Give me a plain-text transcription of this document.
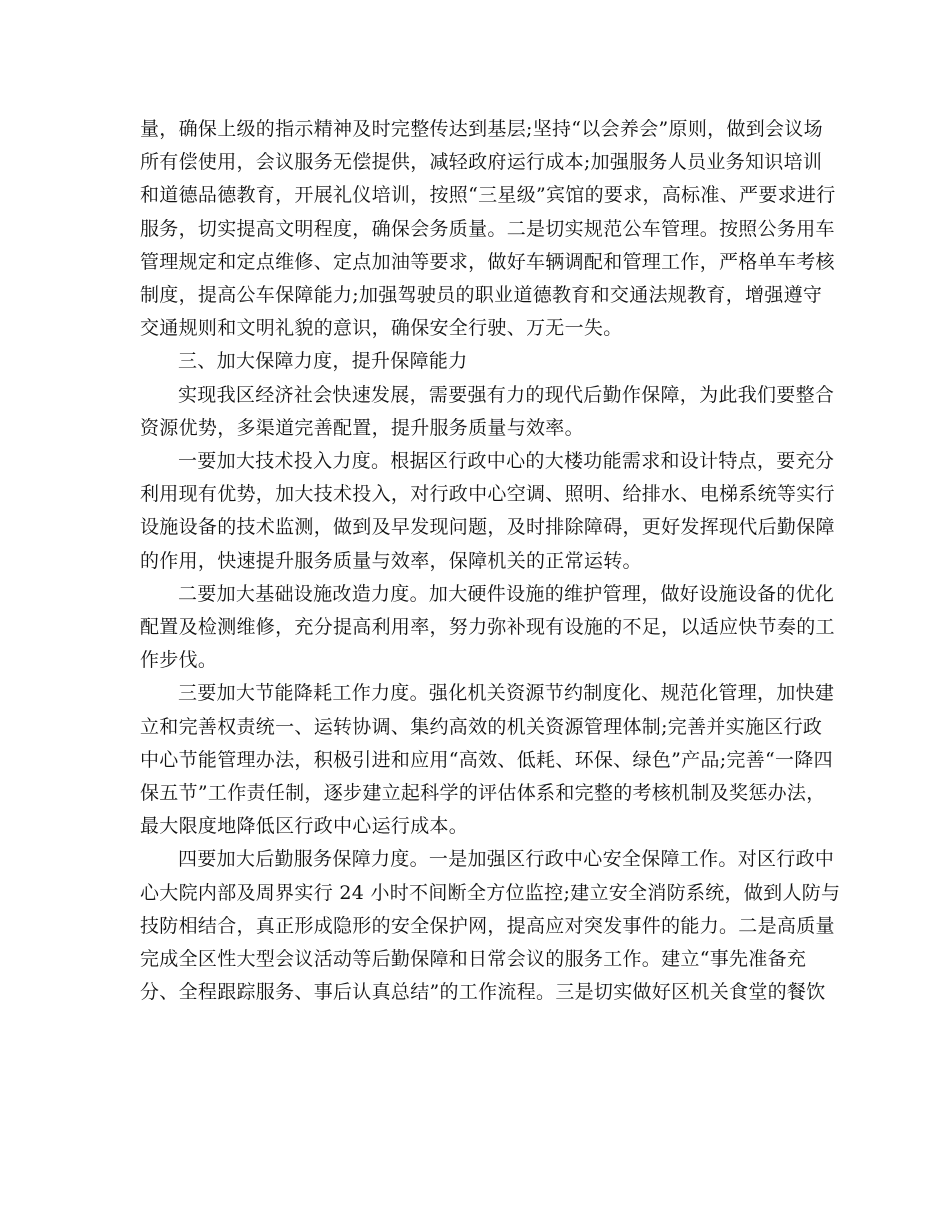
量，确保上级的指示精神及时完整传达到基层;坚持“以会养会”原则，做到会议场
所有偿使用，会议服务无偿提供，减轻政府运行成本;加强服务人员业务知识培训
和道德品德教育，开展礼仪培训，按照“三星级”宾馆的要求，高标准、严要求进行
服务，切实提高文明程度，确保会务质量。二是切实规范公车管理。按照公务用车
管理规定和定点维修、定点加油等要求，做好车辆调配和管理工作，严格单车考核
制度，提高公车保障能力;加强驾驶员的职业道德教育和交通法规教育，增强遵守
交通规则和文明礼貌的意识，确保安全行驶、万无一失。

三、加大保障力度，提升保障能力

实现我区经济社会快速发展，需要强有力的现代后勤作保障，为此我们要整合
资源优势，多渠道完善配置，提升服务质量与效率。

一要加大技术投入力度。根据区行政中心的大楼功能需求和设计特点，要充分
利用现有优势，加大技术投入，对行政中心空调、照明、给排水、电梯系统等实行
设施设备的技术监测，做到及早发现问题，及时排除障碍，更好发挥现代后勤保障
的作用，快速提升服务质量与效率，保障机关的正常运转。

二要加大基础设施改造力度。加大硬件设施的维护管理，做好设施设备的优化
配置及检测维修，充分提高利用率，努力弥补现有设施的不足，以适应快节奏的工
作步伐。

三要加大节能降耗工作力度。强化机关资源节约制度化、规范化管理，加快建
立和完善权责统一、运转协调、集约高效的机关资源管理体制;完善并实施区行政
中心节能管理办法，积极引进和应用“高效、低耗、环保、绿色”产品;完善“一降四
保五节”工作责任制，逐步建立起科学的评估体系和完整的考核机制及奖惩办法，
最大限度地降低区行政中心运行成本。

四要加大后勤服务保障力度。一是加强区行政中心安全保障工作。对区行政中
心大院内部及周界实行 24 小时不间断全方位监控;建立安全消防系统，做到人防与
技防相结合，真正形成隐形的安全保护网，提高应对突发事件的能力。二是高质量
完成全区性大型会议活动等后勤保障和日常会议的服务工作。建立“事先准备充
分、全程跟踪服务、事后认真总结”的工作流程。三是切实做好区机关食堂的餐饮
